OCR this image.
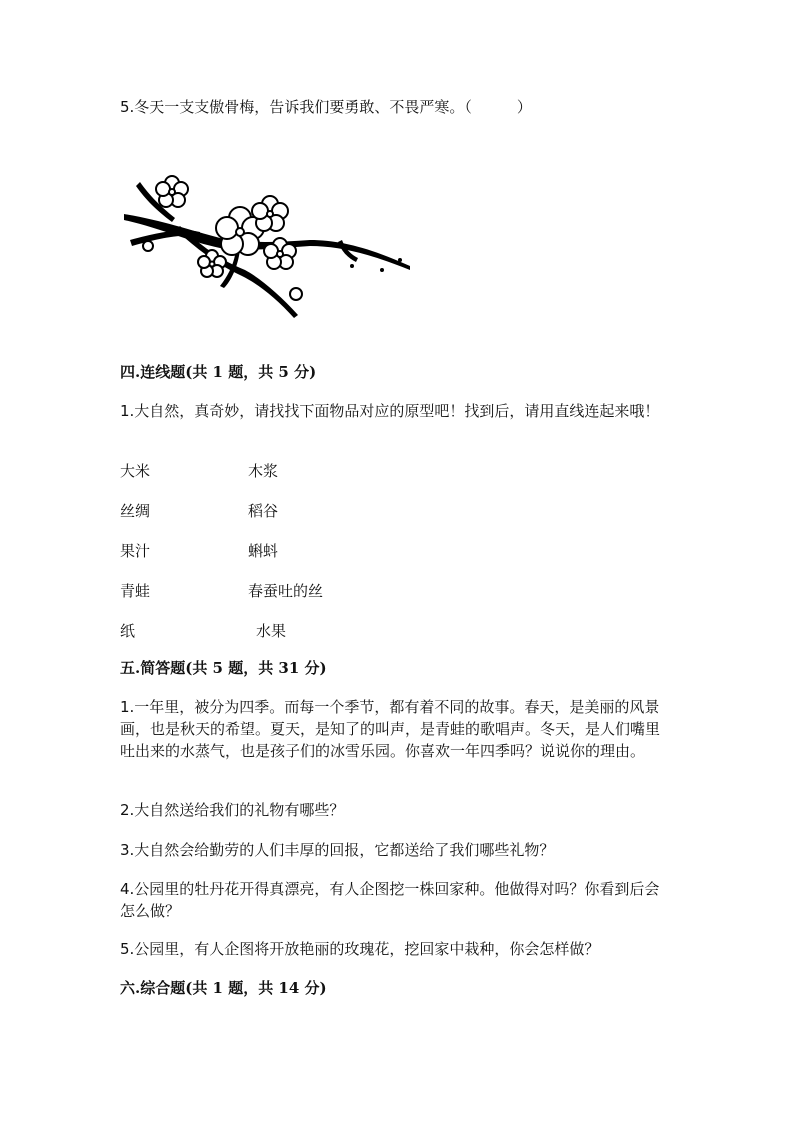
5.冬天一支支傲骨梅，告诉我们要勇敢、不畏严寒。（　　　）
四.连线题(共 1 题，共 5 分)
1.大自然，真奇妙，请找找下面物品对应的原型吧！找到后，请用直线连起来哦！
大米	木浆
丝绸	稻谷
果汁	蝌蚪
青蛙	春蚕吐的丝
纸	水果
五.简答题(共 5 题，共 31 分)
1.一年里，被分为四季。而每一个季节，都有着不同的故事。春天，是美丽的风景画，也是秋天的希望。夏天，是知了的叫声，是青蛙的歌唱声。冬天，是人们嘴里吐出来的水蒸气，也是孩子们的冰雪乐园。你喜欢一年四季吗？说说你的理由。
2.大自然送给我们的礼物有哪些？
3.大自然会给勤劳的人们丰厚的回报，它都送给了我们哪些礼物？
4.公园里的牡丹花开得真漂亮，有人企图挖一株回家种。他做得对吗？你看到后会怎么做？
5.公园里，有人企图将开放艳丽的玫瑰花，挖回家中栽种，你会怎样做？
六.综合题(共 1 题，共 14 分)
